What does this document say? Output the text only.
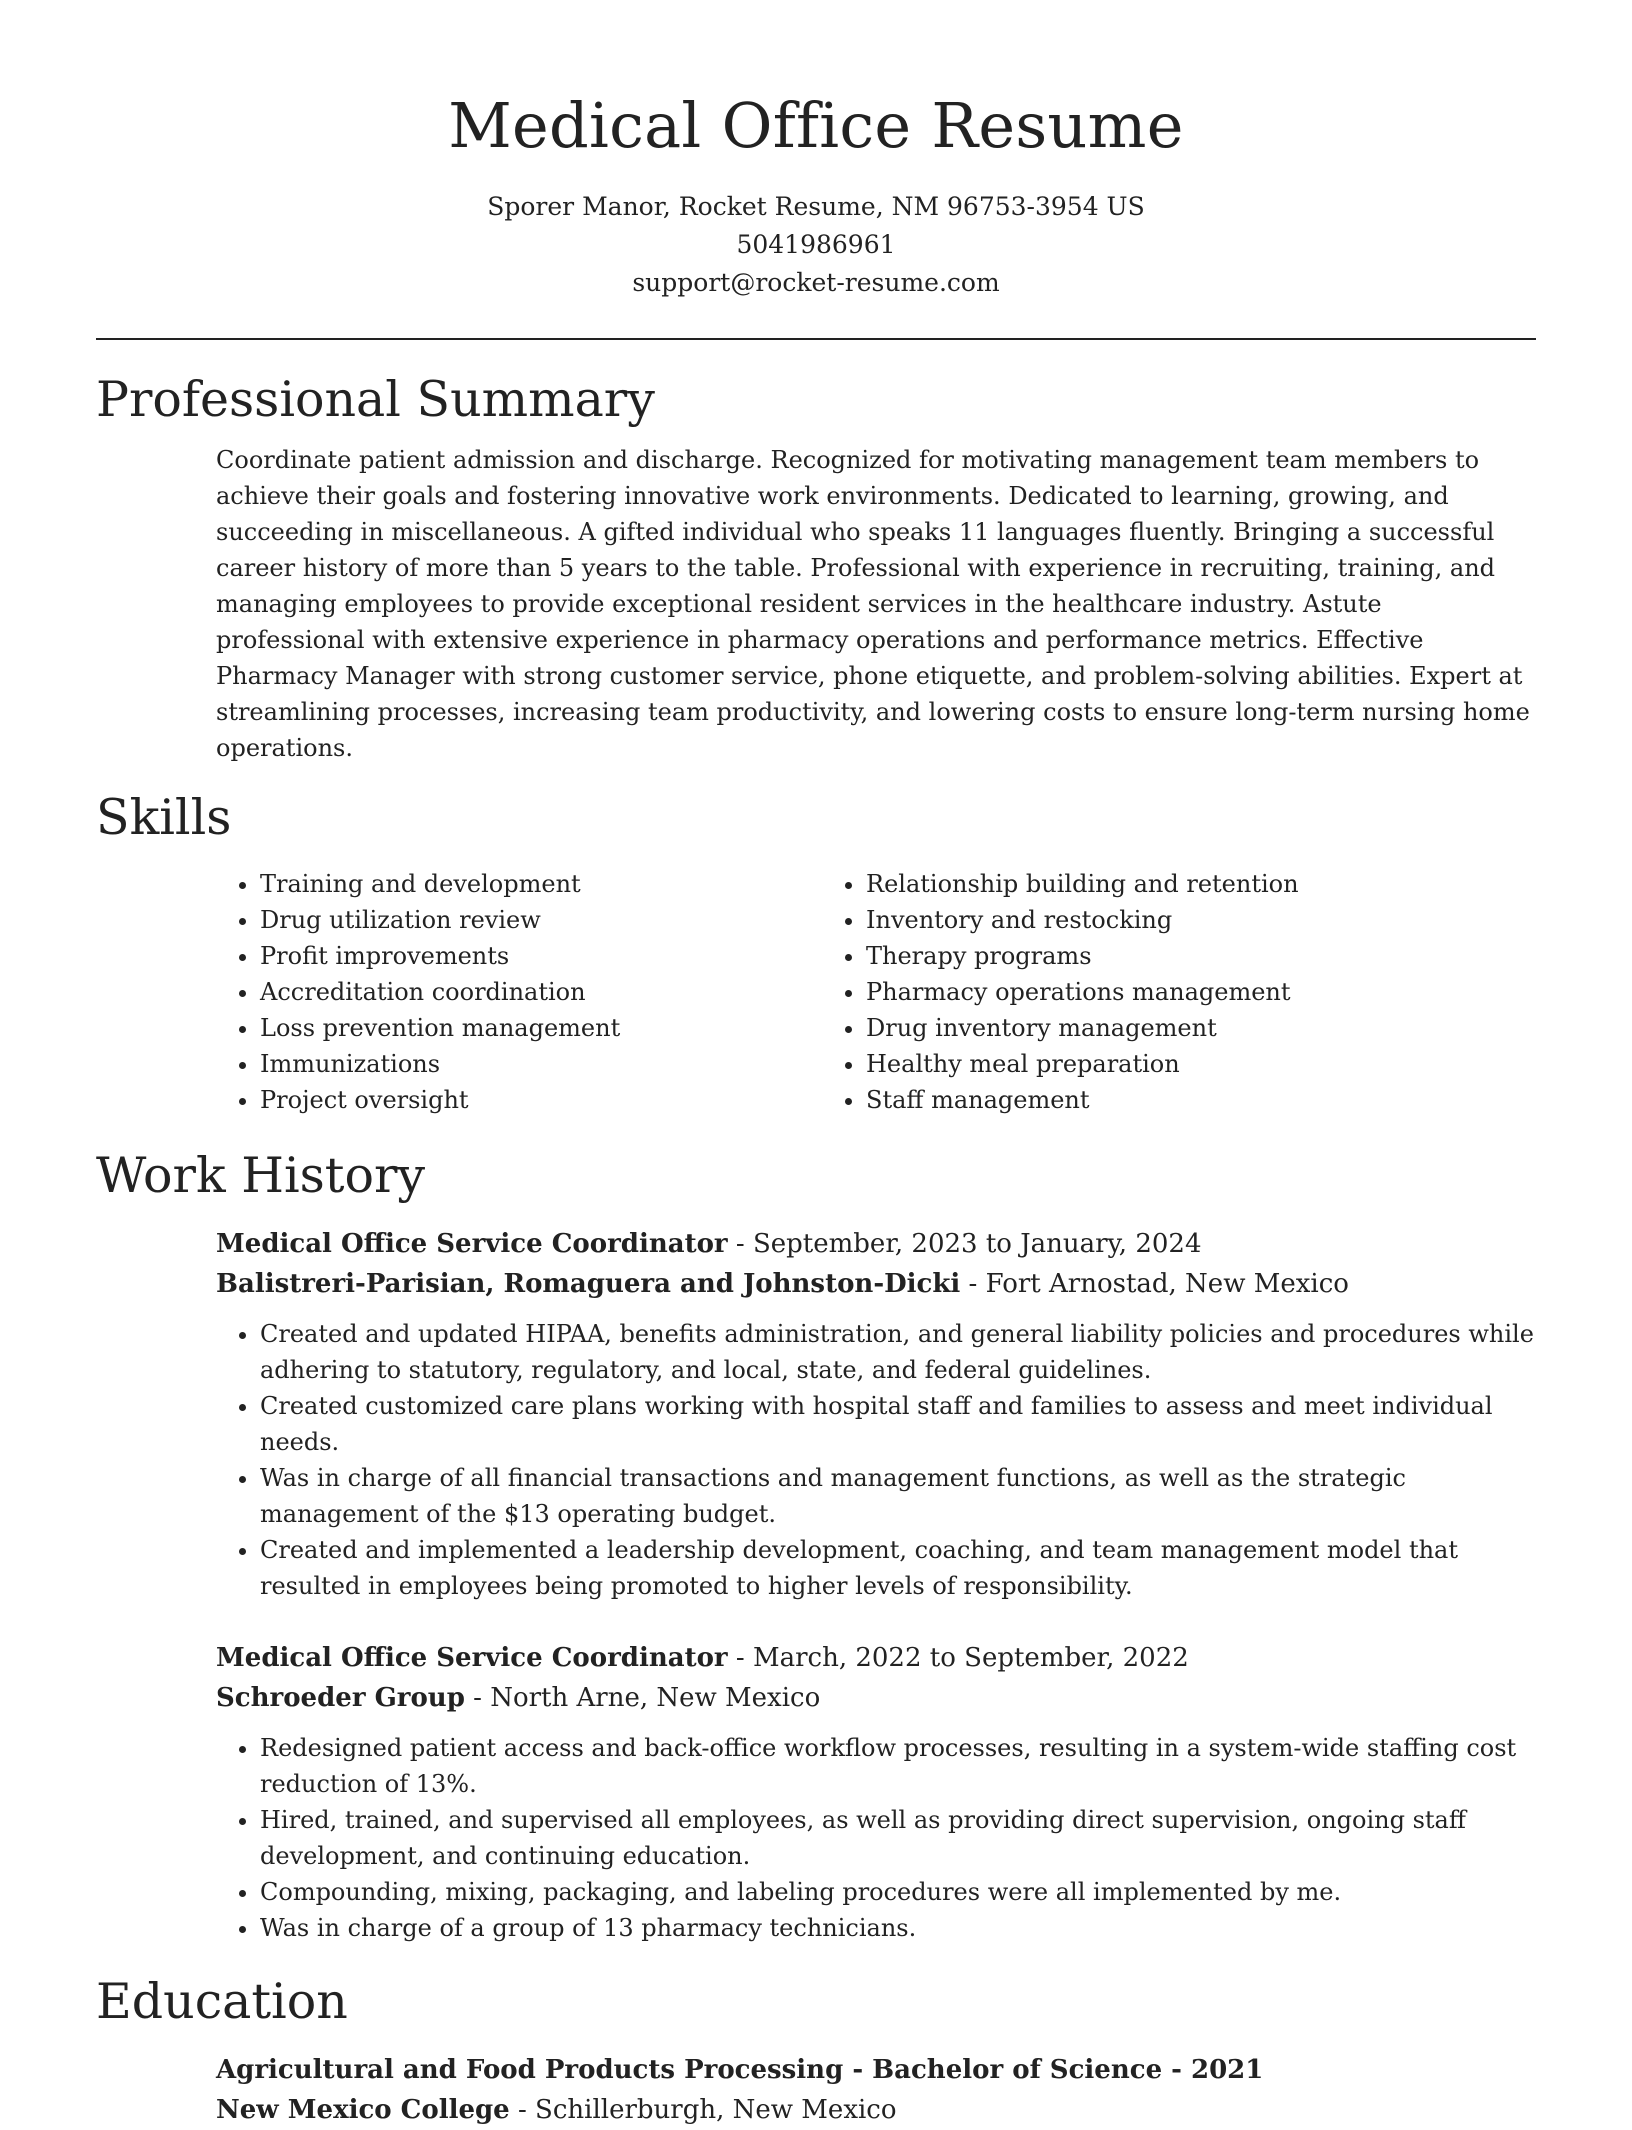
Medical Office Resume
Sporer Manor, Rocket Resume, NM 96753-3954 US
5041986961
support@rocket-resume.com
Professional Summary
Coordinate patient admission and discharge. Recognized for motivating management team members to achieve their goals and fostering innovative work environments. Dedicated to learning, growing, and succeeding in miscellaneous. A gifted individual who speaks 11 languages fluently. Bringing a successful career history of more than 5 years to the table. Professional with experience in recruiting, training, and managing employees to provide exceptional resident services in the healthcare industry. Astute professional with extensive experience in pharmacy operations and performance metrics. Effective Pharmacy Manager with strong customer service, phone etiquette, and problem-solving abilities. Expert at streamlining processes, increasing team productivity, and lowering costs to ensure long-term nursing home operations.
Skills
• Training and development
• Drug utilization review
• Profit improvements
• Accreditation coordination
• Loss prevention management
• Immunizations
• Project oversight
• Relationship building and retention
• Inventory and restocking
• Therapy programs
• Pharmacy operations management
• Drug inventory management
• Healthy meal preparation
• Staff management
Work History
Medical Office Service Coordinator - September, 2023 to January, 2024
Balistreri-Parisian, Romaguera and Johnston-Dicki - Fort Arnostad, New Mexico
• Created and updated HIPAA, benefits administration, and general liability policies and procedures while adhering to statutory, regulatory, and local, state, and federal guidelines.
• Created customized care plans working with hospital staff and families to assess and meet individual needs.
• Was in charge of all financial transactions and management functions, as well as the strategic management of the $13 operating budget.
• Created and implemented a leadership development, coaching, and team management model that resulted in employees being promoted to higher levels of responsibility.
Medical Office Service Coordinator - March, 2022 to September, 2022
Schroeder Group - North Arne, New Mexico
• Redesigned patient access and back-office workflow processes, resulting in a system-wide staffing cost reduction of 13%.
• Hired, trained, and supervised all employees, as well as providing direct supervision, ongoing staff development, and continuing education.
• Compounding, mixing, packaging, and labeling procedures were all implemented by me.
• Was in charge of a group of 13 pharmacy technicians.
Education
Agricultural and Food Products Processing - Bachelor of Science - 2021
New Mexico College - Schillerburgh, New Mexico
